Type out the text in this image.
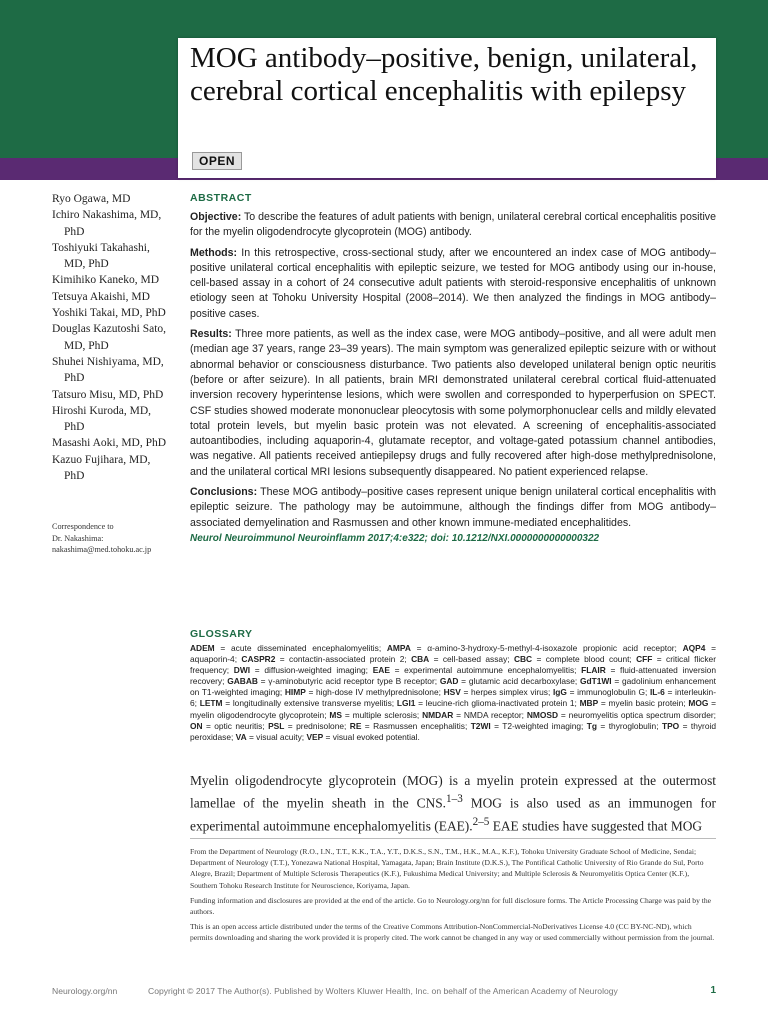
MOG antibody–positive, benign, unilateral, cerebral cortical encephalitis with epilepsy
OPEN
Ryo Ogawa, MD
Ichiro Nakashima, MD,
PhD
Toshiyuki Takahashi,
MD, PhD
Kimihiko Kaneko, MD
Tetsuya Akaishi, MD
Yoshiki Takai, MD, PhD
Douglas Kazutoshi Sato,
MD, PhD
Shuhei Nishiyama, MD,
PhD
Tatsuro Misu, MD, PhD
Hiroshi Kuroda, MD,
PhD
Masashi Aoki, MD, PhD
Kazuo Fujihara, MD,
PhD
Correspondence to
Dr. Nakashima:
nakashima@med.tohoku.ac.jp
ABSTRACT

Objective: To describe the features of adult patients with benign, unilateral cerebral cortical encephalitis positive for the myelin oligodendrocyte glycoprotein (MOG) antibody.

Methods: In this retrospective, cross-sectional study, after we encountered an index case of MOG antibody–positive unilateral cortical encephalitis with epileptic seizure, we tested for MOG antibody using our in-house, cell-based assay in a cohort of 24 consecutive adult patients with steroid-responsive encephalitis of unknown etiology seen at Tohoku University Hospital (2008–2014). We then analyzed the findings in MOG antibody–positive cases.

Results: Three more patients, as well as the index case, were MOG antibody–positive, and all were adult men (median age 37 years, range 23–39 years). The main symptom was generalized epileptic seizure with or without abnormal behavior or consciousness disturbance. Two patients also developed unilateral benign optic neuritis (before or after seizure). In all patients, brain MRI demonstrated unilateral cerebral cortical fluid-attenuated inversion recovery hyperintense lesions, which were swollen and corresponded to hyperperfusion on SPECT. CSF studies showed moderate mononuclear pleocytosis with some polymorphonuclear cells and mildly elevated total protein levels, but myelin basic protein was not elevated. A screening of encephalitis-associated autoantibodies, including aquaporin-4, glutamate receptor, and voltage-gated potassium channel antibodies, was negative. All patients received antiepilepsy drugs and fully recovered after high-dose methylprednisolone, and the unilateral cortical MRI lesions subsequently disappeared. No patient experienced relapse.

Conclusions: These MOG antibody–positive cases represent unique benign unilateral cortical encephalitis with epileptic seizure. The pathology may be autoimmune, although the findings differ from MOG antibody–associated demyelination and Rasmussen and other known immune-mediated encephalitides.
Neurol Neuroimmunol Neuroinflamm 2017;4:e322; doi: 10.1212/NXI.0000000000000322

GLOSSARY
ADEM = acute disseminated encephalomyelitis; AMPA = α-amino-3-hydroxy-5-methyl-4-isoxazole propionic acid receptor; AQP4 = aquaporin-4; CASPR2 = contactin-associated protein 2; CBA = cell-based assay; CBC = complete blood count; CFF = critical flicker frequency; DWI = diffusion-weighted imaging; EAE = experimental autoimmune encephalomyelitis; FLAIR = fluid-attenuated inversion recovery; GABAB = γ-aminobutyric acid receptor type B receptor; GAD = glutamic acid decarboxylase; GdT1WI = gadolinium enhancement on T1-weighted imaging; HIMP = high-dose IV methylprednisolone; HSV = herpes simplex virus; IgG = immunoglobulin G; IL-6 = interleukin-6; LETM = longitudinally extensive transverse myelitis; LGI1 = leucine-rich glioma-inactivated protein 1; MBP = myelin basic protein; MOG = myelin oligodendrocyte glycoprotein; MS = multiple sclerosis; NMDAR = NMDA receptor; NMOSD = neuromyelitis optica spectrum disorder; ON = optic neuritis; PSL = prednisolone; RE = Rasmussen encephalitis; T2WI = T2-weighted imaging; Tg = thyroglobulin; TPO = thyroid peroxidase; VA = visual acuity; VEP = visual evoked potential.
Myelin oligodendrocyte glycoprotein (MOG) is a myelin protein expressed at the outermost lamellae of the myelin sheath in the CNS.$^{1-3}$ MOG is also used as an immunogen for experimental autoimmune encephalomyelitis (EAE).$^{2-5}$ EAE studies have suggested that MOG

From the Department of Neurology (R.O., I.N., T.T., K.K., T.A., Y.T., D.K.S., S.N., T.M., H.K., M.A., K.F.), Tohoku University Graduate School of Medicine, Sendai; Department of Neurology (T.T.), Yonezawa National Hospital, Yamagata, Japan; Brain Institute (D.K.S.), The Pontifical Catholic University of Rio Grande do Sul, Porto Alegre, Brazil; Department of Multiple Sclerosis Therapeutics (K.F.), Fukushima Medical University; and Multiple Sclerosis & Neuromyelitis Optica Center (K.F.), Southern Tohoku Research Institute for Neuroscience, Koriyama, Japan.

Funding information and disclosures are provided at the end of the article. Go to Neurology.org/nn for full disclosure forms. The Article Processing Charge was paid by the authors.

This is an open access article distributed under the terms of the Creative Commons Attribution-NonCommercial-NoDerivatives License 4.0 (CC BY-NC-ND), which permits downloading and sharing the work provided it is properly cited. The work cannot be changed in any way or used commercially without permission from the journal.

Neurology.org/nn	Copyright © 2017 The Author(s). Published by Wolters Kluwer Health, Inc. on behalf of the American Academy of Neurology	1
